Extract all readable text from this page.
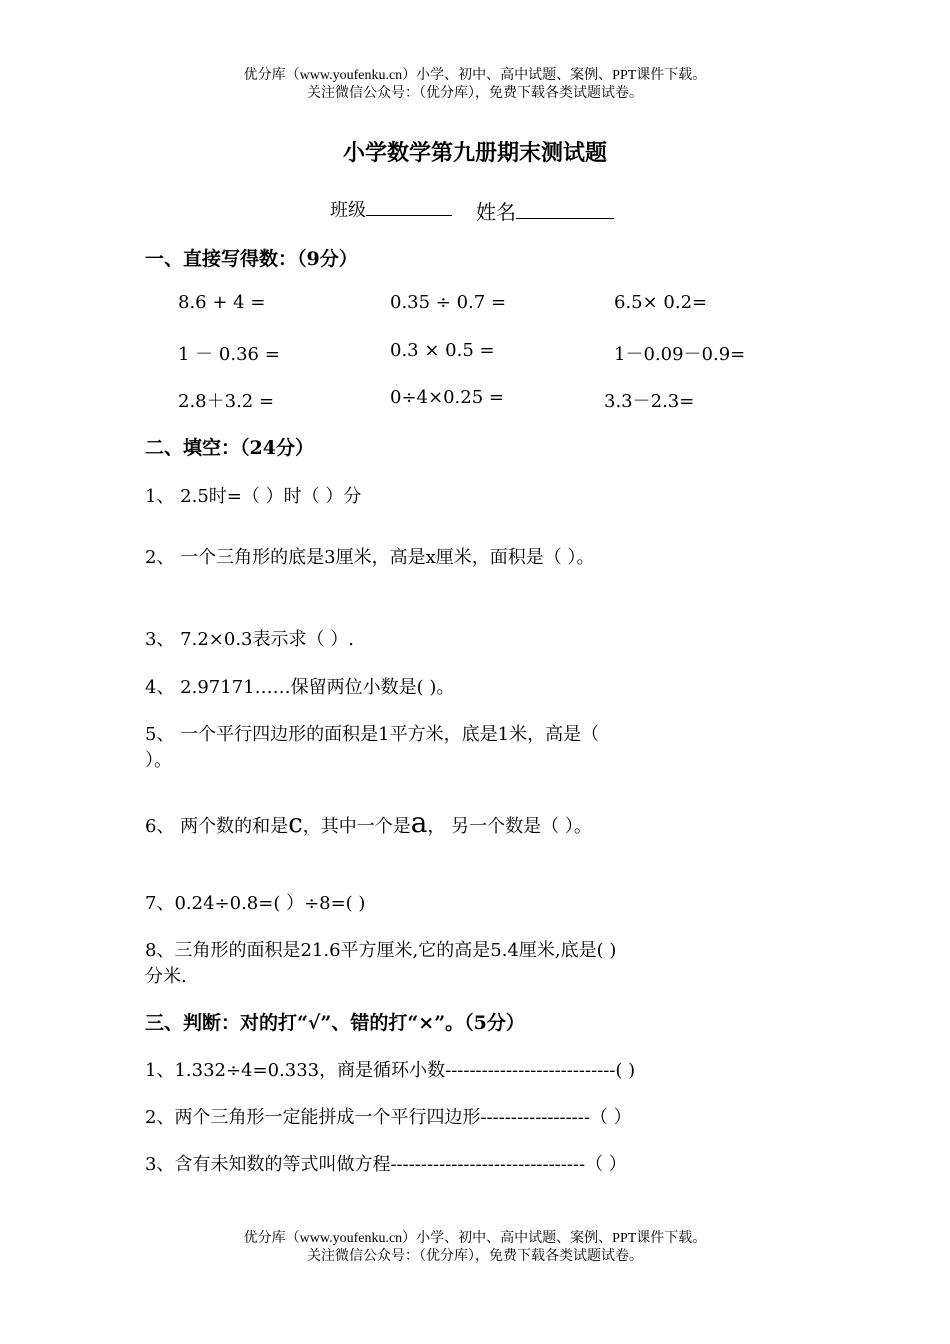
优分库（www.youfenku.cn）小学、初中、高中试题、案例、PPT课件下载。
关注微信公众号：（优分库），免费下载各类试题试卷。
小学数学第九册期末测试题
班级	姓名
一、直接写得数：（9分）
8.6 + 4 =	0.35 ÷ 0.7 =	6.5× 0.2=
1 － 0.36 =	0.3 × 0.5 =	1－0.09－0.9=
2.8＋3.2 =	0÷4×0.25 =	3.3－2.3=
二、填空：（24分）
1、 2.5时=（ ）时（ ）分
2、 一个三角形的底是3厘米，高是x厘米，面积是（ ）。
3、 7.2×0.3表示求（ ）.
4、 2.97171……保留两位小数是( )。
5、 一个平行四边形的面积是1平方米，底是1米，高是（
）。
6、 两个数的和是c，其中一个是a， 另一个数是（ ）。
7、0.24÷0.8=( ）÷8=( )
8、三角形的面积是21.6平方厘米,它的高是5.4厘米,底是( )
分米.
三、判断：对的打“√”、错的打“×”。（5分）
1、1.332÷4=0.333，商是循环小数----------------------------( )
2、两个三角形一定能拼成一个平行四边形------------------（ ）
3、含有未知数的等式叫做方程--------------------------------（ ）
优分库（www.youfenku.cn）小学、初中、高中试题、案例、PPT课件下载。
关注微信公众号：（优分库），免费下载各类试题试卷。
